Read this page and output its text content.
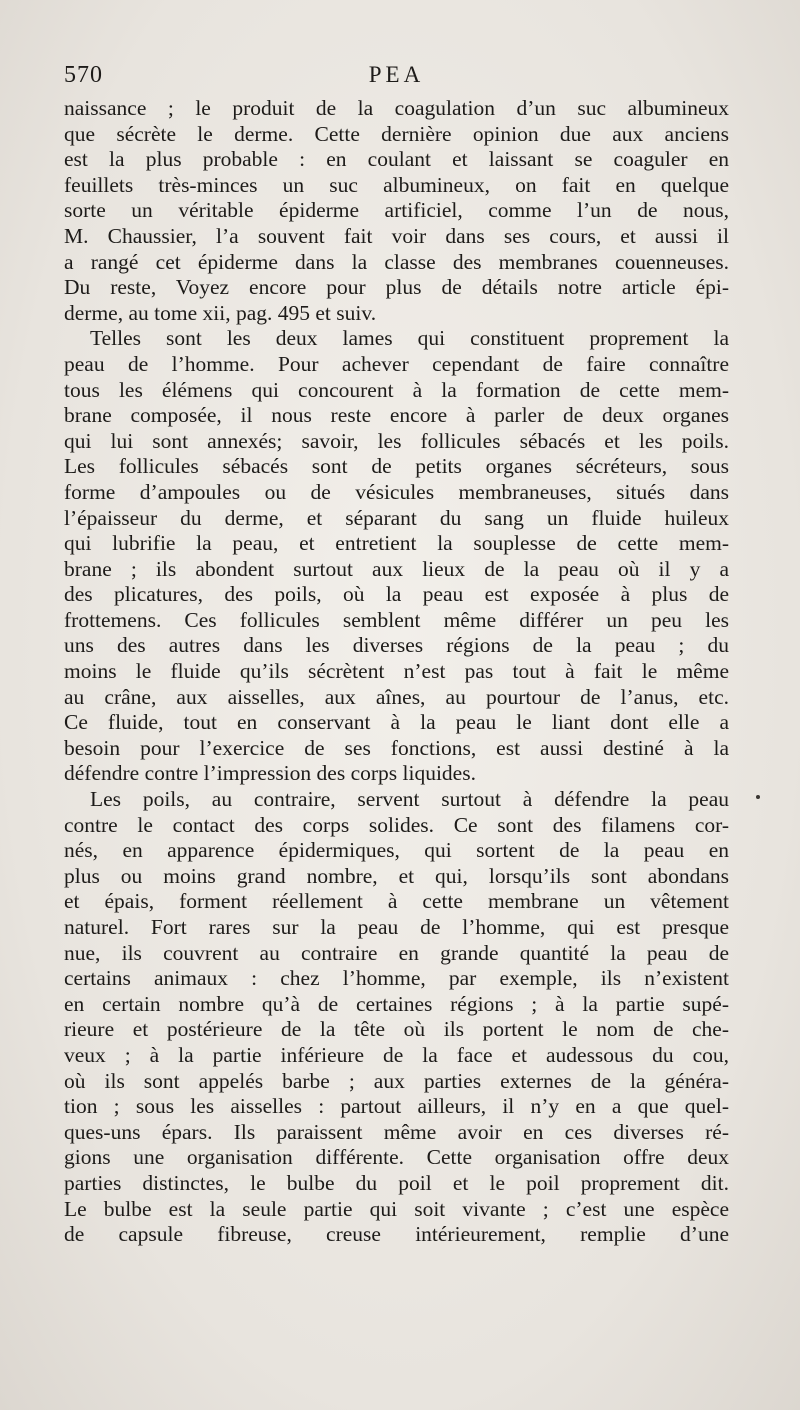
570	PEA
naissance ; le produit de la coagulation d’un suc albumineux
que sécrète le derme. Cette dernière opinion due aux anciens
est la plus probable : en coulant et laissant se coaguler en
feuillets très-minces un suc albumineux, on fait en quelque
sorte un véritable épiderme artificiel, comme l’un de nous,
M. Chaussier, l’a souvent fait voir dans ses cours, et aussi il
a rangé cet épiderme dans la classe des membranes couenneuses.
Du reste, Voyez encore pour plus de détails notre article épi-
derme, au tome xii, pag. 495 et suiv.
Telles sont les deux lames qui constituent proprement la
peau de l’homme. Pour achever cependant de faire connaître
tous les élémens qui concourent à la formation de cette mem-
brane composée, il nous reste encore à parler de deux organes
qui lui sont annexés; savoir, les follicules sébacés et les poils.
Les follicules sébacés sont de petits organes sécréteurs, sous
forme d’ampoules ou de vésicules membraneuses, situés dans
l’épaisseur du derme, et séparant du sang un fluide huileux
qui lubrifie la peau, et entretient la souplesse de cette mem-
brane ; ils abondent surtout aux lieux de la peau où il y a
des plicatures, des poils, où la peau est exposée à plus de
frottemens. Ces follicules semblent même différer un peu les
uns des autres dans les diverses régions de la peau ; du
moins le fluide qu’ils sécrètent n’est pas tout à fait le même
au crâne, aux aisselles, aux aînes, au pourtour de l’anus, etc.
Ce fluide, tout en conservant à la peau le liant dont elle a
besoin pour l’exercice de ses fonctions, est aussi destiné à la
défendre contre l’impression des corps liquides.
Les poils, au contraire, servent surtout à défendre la peau
contre le contact des corps solides. Ce sont des filamens cor-
nés, en apparence épidermiques, qui sortent de la peau en
plus ou moins grand nombre, et qui, lorsqu’ils sont abondans
et épais, forment réellement à cette membrane un vêtement
naturel. Fort rares sur la peau de l’homme, qui est presque
nue, ils couvrent au contraire en grande quantité la peau de
certains animaux : chez l’homme, par exemple, ils n’existent
en certain nombre qu’à de certaines régions ; à la partie supé-
rieure et postérieure de la tête où ils portent le nom de che-
veux ; à la partie inférieure de la face et audessous du cou,
où ils sont appelés barbe ; aux parties externes de la généra-
tion ; sous les aisselles : partout ailleurs, il n’y en a que quel-
ques-uns épars. Ils paraissent même avoir en ces diverses ré-
gions une organisation différente. Cette organisation offre deux
parties distinctes, le bulbe du poil et le poil proprement dit.
Le bulbe est la seule partie qui soit vivante ; c’est une espèce
de capsule fibreuse, creuse intérieurement, remplie d’une
